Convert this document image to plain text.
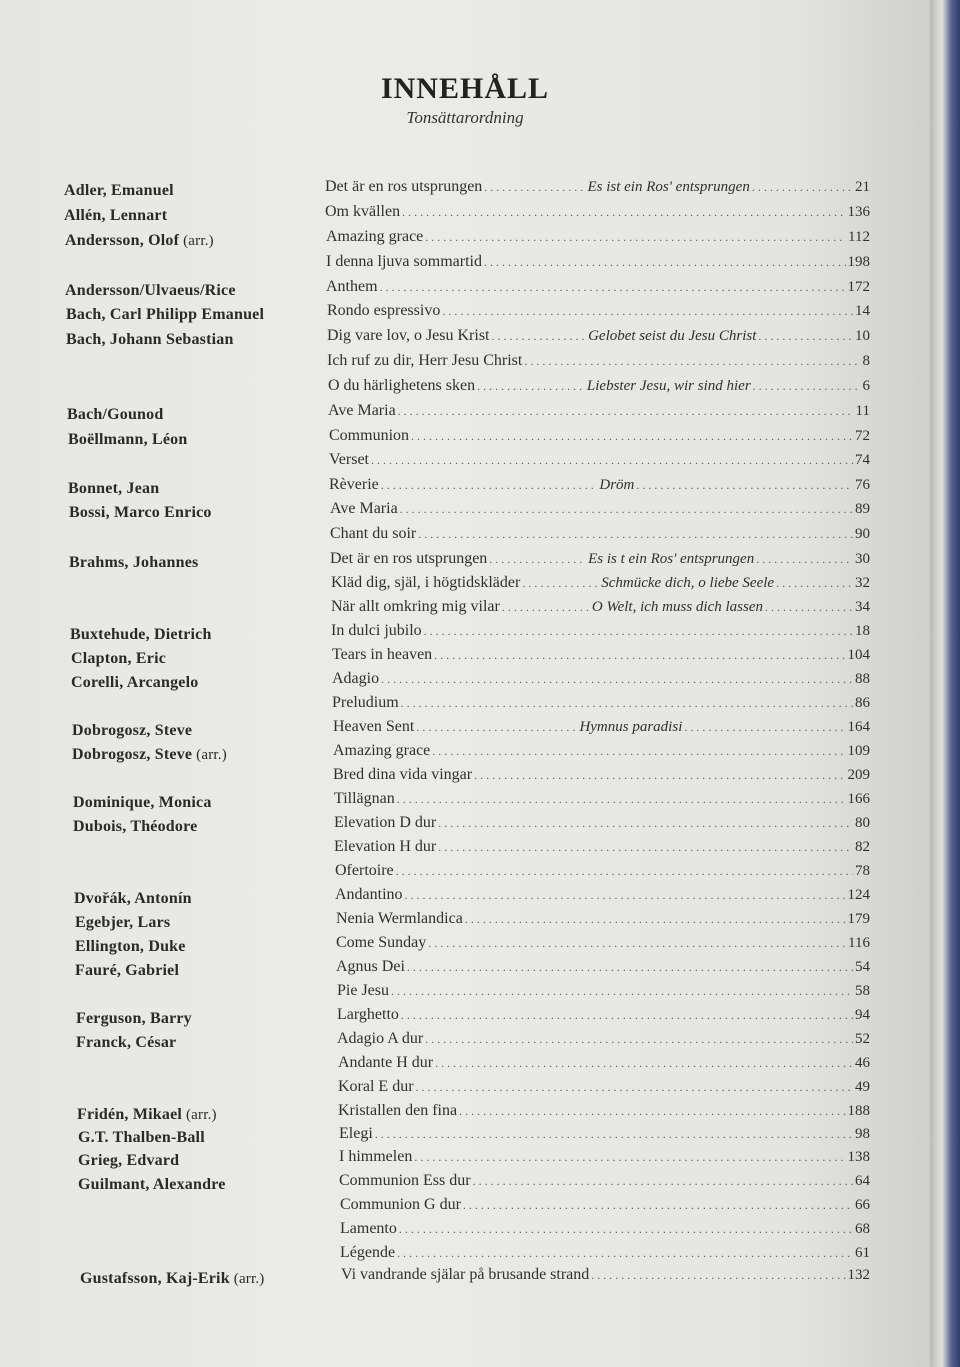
INNEHÅLL
Tonsättarordning
Adler, Emanuel	Det är en ros utsprungen . . .	Es ist ein Ros' entsprungen . . .	21
Allén, Lennart	Om kvällen . . .	136
Andersson, Olof (arr.)	Amazing grace . . .	112
I denna ljuva sommartid . . .	198
Andersson/Ulvaeus/Rice	Anthem . . .	172
Bach, Carl Philipp Emanuel	Rondo espressivo . . .	14
Bach, Johann Sebastian	Dig vare lov, o Jesu Krist . . .	Gelobet seist du Jesu Christ . . .	10
Ich ruf zu dir, Herr Jesu Christ . . .	8
O du härlighetens sken . . .	Liebster Jesu, wir sind hier . . .	6
Bach/Gounod	Ave Maria . . .	11
Boëllmann, Léon	Communion . . .	72
Verset . . .	74
Bonnet, Jean	Rèverie . . .	Dröm . . .	76
Bossi, Marco Enrico	Ave Maria . . .	89
Chant du soir . . .	90
Brahms, Johannes	Det är en ros utsprungen . . .	Es is t ein Ros' entsprungen . . .	30
Kläd dig, själ, i högtidskläder . . .	Schmücke dich, o liebe Seele . . .	32
När allt omkring mig vilar . . .	O Welt, ich muss dich lassen . . .	34
Buxtehude, Dietrich	In dulci jubilo . . .	18
Clapton, Eric	Tears in heaven . . .	104
Corelli, Arcangelo	Adagio . . .	88
Preludium . . .	86
Dobrogosz, Steve	Heaven Sent . . .	Hymnus paradisi . . .	164
Dobrogosz, Steve (arr.)	Amazing grace . . .	109
Bred dina vida vingar . . .	209
Dominique, Monica	Tillägnan . . .	166
Dubois, Théodore	Elevation D dur . . .	80
Elevation H dur . . .	82
Ofertoire . . .	78
Dvořák, Antonín	Andantino . . .	124
Egebjer, Lars	Nenia Wermlandica . . .	179
Ellington, Duke	Come Sunday . . .	116
Fauré, Gabriel	Agnus Dei . . .	54
Pie Jesu . . .	58
Ferguson, Barry	Larghetto . . .	94
Franck, César	Adagio A dur . . .	52
Andante H dur . . .	46
Koral E dur . . .	49
Fridén, Mikael (arr.)	Kristallen den fina . . .	188
G.T. Thalben-Ball	Elegi . . .	98
Grieg, Edvard	I himmelen . . .	138
Guilmant, Alexandre	Communion Ess dur . . .	64
Communion G dur . . .	66
Lamento . . .	68
Légende . . .	61
Gustafsson, Kaj-Erik (arr.)	Vi vandrande själar på brusande strand . . .	132
